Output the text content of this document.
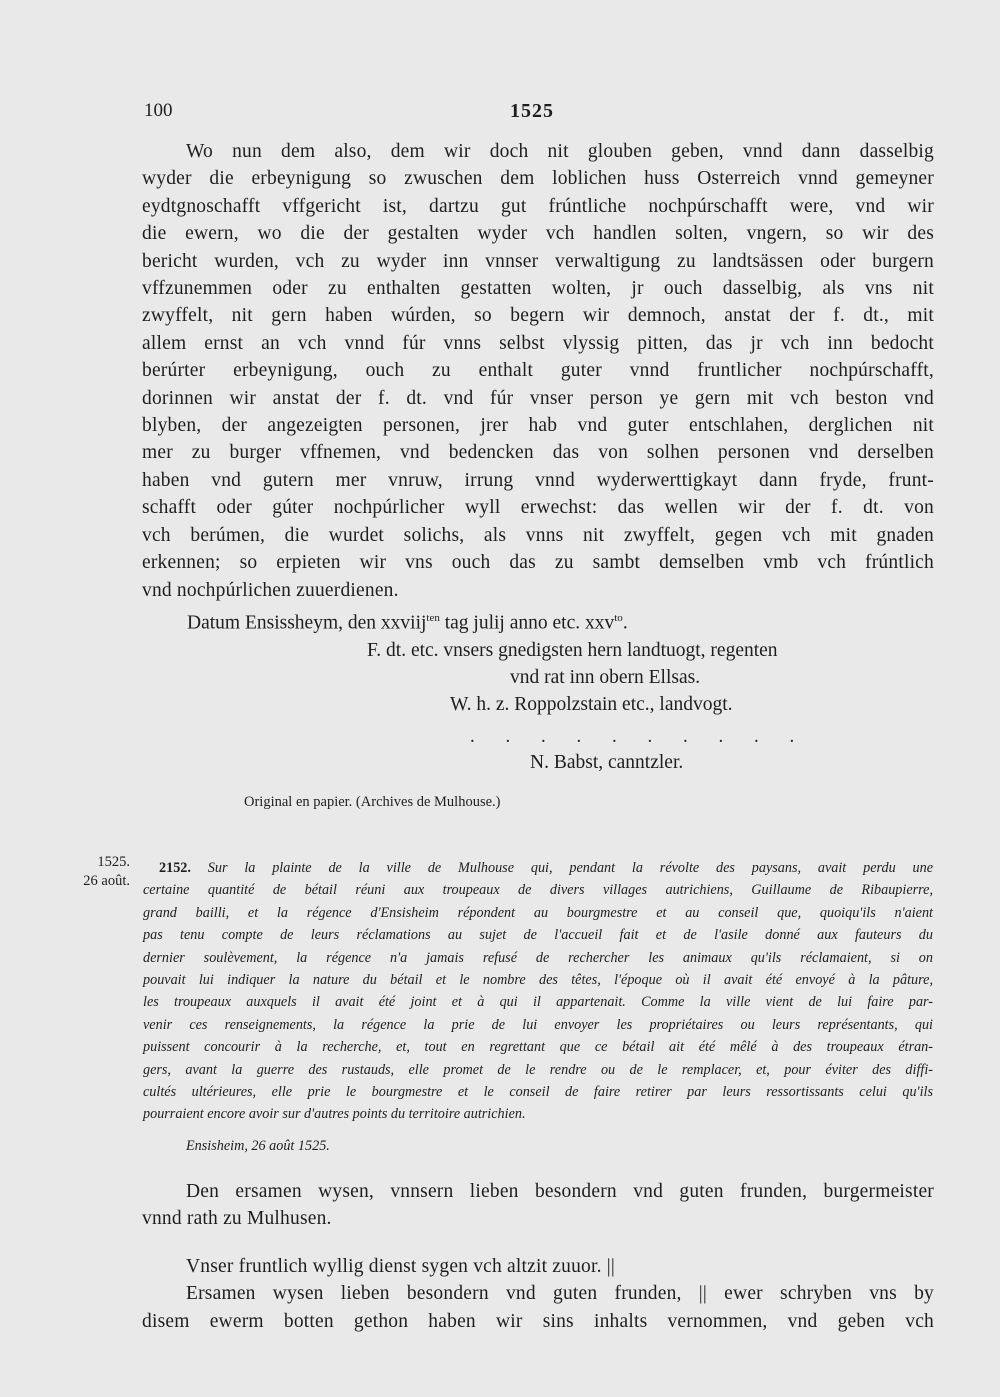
100	1525

Wo nun dem also, dem wir doch nit glouben geben, vnnd dann dasselbig

wyder die erbeynigung so zwuschen dem loblichen huss Osterreich vnnd gemeyner

eydtgnoschafft vffgericht ist, dartzu gut frúntliche nochpúrschafft were, vnd wir

die ewern, wo die der gestalten wyder vch handlen solten, vngern, so wir des

bericht wurden, vch zu wyder inn vnnser verwaltigung zu landtsässen oder burgern

vffzunemmen oder zu enthalten gestatten wolten, jr ouch dasselbig, als vns nit

zwyffelt, nit gern haben wúrden, so begern wir demnoch, anstat der f. dt., mit

allem ernst an vch vnnd fúr vnns selbst vlyssig pitten, das jr vch inn bedocht

berúrter erbeynigung, ouch zu enthalt guter vnnd fruntlicher nochpúrschafft,

dorinnen wir anstat der f. dt. vnd fúr vnser person ye gern mit vch beston vnd

blyben, der angezeigten personen, jrer hab vnd guter entschlahen, derglichen nit

mer zu burger vffnemen, vnd bedencken das von solhen personen vnd derselben

haben vnd gutern mer vnruw, irrung vnnd wyderwerttigkayt dann fryde, frunt-

schafft oder gúter nochpúrlicher wyll erwechst: das wellen wir der f. dt. von

vch berúmen, die wurdet solichs, als vnns nit zwyffelt, gegen vch mit gnaden

erkennen; so erpieten wir vns ouch das zu sambt demselben vmb vch frúntlich

vnd nochpúrlichen zuuerdienen.

Datum Ensissheym, den xxviij$^{ten}$ tag julij anno etc. xxv$^{to}$.
F. dt. etc. vnsers gnedigsten hern landtuogt, regenten
vnd rat inn obern Ellsas.
W. h. z. Roppolzstain etc., landvogt.
. . . . . . . . . .
N. Babst, canntzler.
Original en papier. (Archives de Mulhouse.)
1525.
26 août.

2152. Sur la plainte de la ville de Mulhouse qui, pendant la révolte des paysans, avait perdu une

certaine quantité de bétail réuni aux troupeaux de divers villages autrichiens, Guillaume de Ribaupierre,

grand bailli, et la régence d'Ensisheim répondent au bourgmestre et au conseil que, quoiqu'ils n'aient

pas tenu compte de leurs réclamations au sujet de l'accueil fait et de l'asile donné aux fauteurs du

dernier soulèvement, la régence n'a jamais refusé de rechercher les animaux qu'ils réclamaient, si on

pouvait lui indiquer la nature du bétail et le nombre des têtes, l'époque où il avait été envoyé à la pâture,

les troupeaux auxquels il avait été joint et à qui il appartenait. Comme la ville vient de lui faire par-

venir ces renseignements, la régence la prie de lui envoyer les propriétaires ou leurs représentants, qui

puissent concourir à la recherche, et, tout en regrettant que ce bétail ait été mêlé à des troupeaux étran-

gers, avant la guerre des rustauds, elle promet de le rendre ou de le remplacer, et, pour éviter des diffi-

cultés ultérieures, elle prie le bourgmestre et le conseil de faire retirer par leurs ressortissants celui qu'ils

pourraient encore avoir sur d'autres points du territoire autrichien.

Ensisheim, 26 août 1525.

Den ersamen wysen, vnnsern lieben besondern vnd guten frunden, burgermeister

vnnd rath zu Mulhusen.

Vnser fruntlich wyllig dienst sygen vch altzit zuuor. ||

Ersamen wysen lieben besondern vnd guten frunden, || ewer schryben vns by

disem ewerm botten gethon haben wir sins inhalts vernommen, vnd geben vch
